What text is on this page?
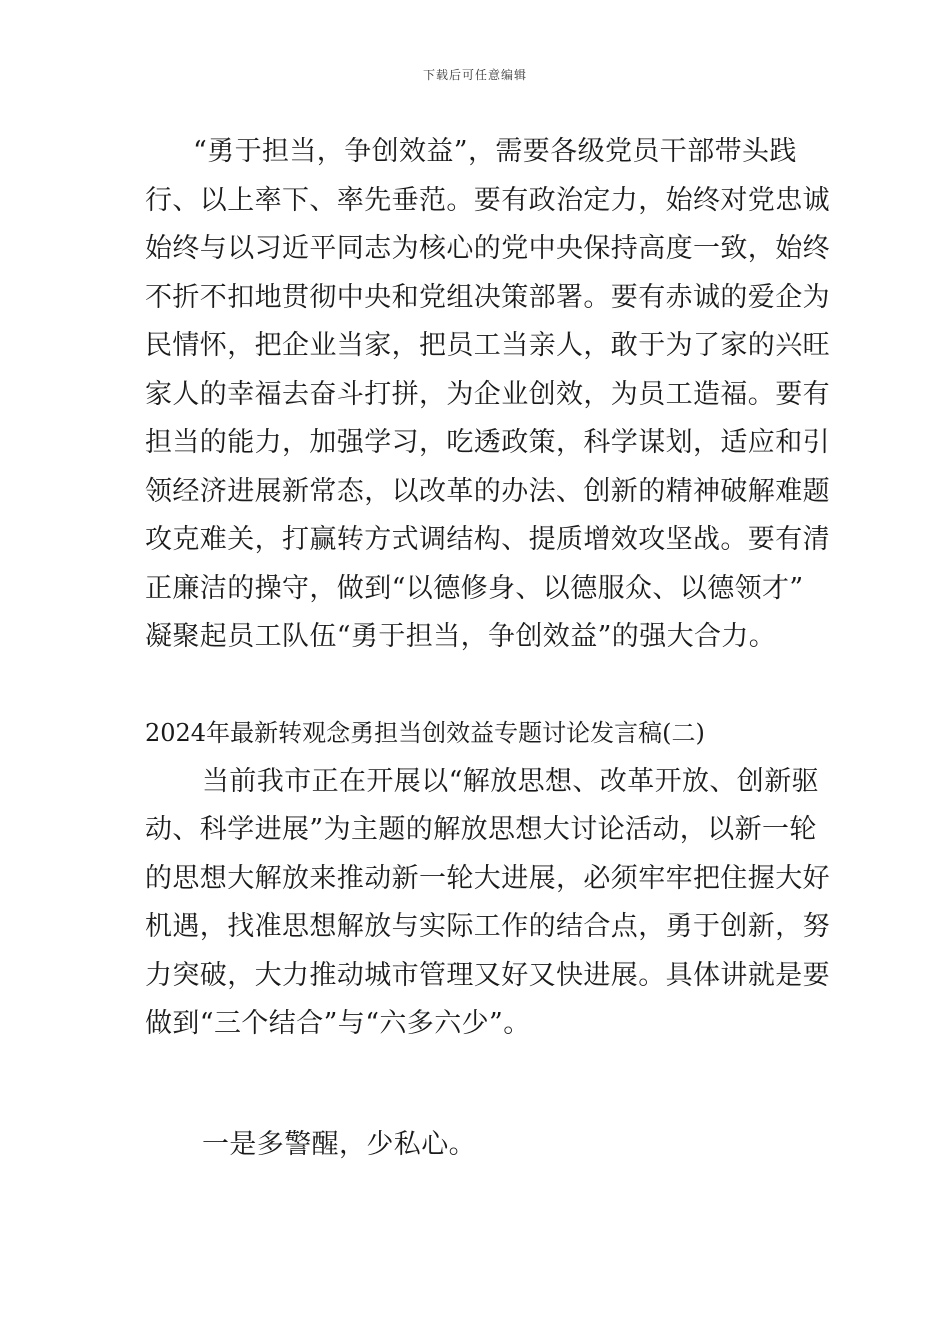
下载后可任意编辑
“勇于担当，争创效益”，需要各级党员干部带头践
行、以上率下、率先垂范。要有政治定力，始终对党忠诚
始终与以习近平同志为核心的党中央保持高度一致，始终
不折不扣地贯彻中央和党组决策部署。要有赤诚的爱企为
民情怀，把企业当家，把员工当亲人，敢于为了家的兴旺
家人的幸福去奋斗打拼，为企业创效，为员工造福。要有
担当的能力，加强学习，吃透政策，科学谋划，适应和引
领经济进展新常态，以改革的办法、创新的精神破解难题
攻克难关，打赢转方式调结构、提质增效攻坚战。要有清
正廉洁的操守，做到“以德修身、以德服众、以德领才”
凝聚起员工队伍“勇于担当，争创效益”的强大合力。
2024年最新转观念勇担当创效益专题讨论发言稿(二)
当前我市正在开展以“解放思想、改革开放、创新驱
动、科学进展”为主题的解放思想大讨论活动，以新一轮
的思想大解放来推动新一轮大进展，必须牢牢把住握大好
机遇，找准思想解放与实际工作的结合点，勇于创新，努
力突破，大力推动城市管理又好又快进展。具体讲就是要
做到“三个结合”与“六多六少”。
一是多警醒，少私心。
